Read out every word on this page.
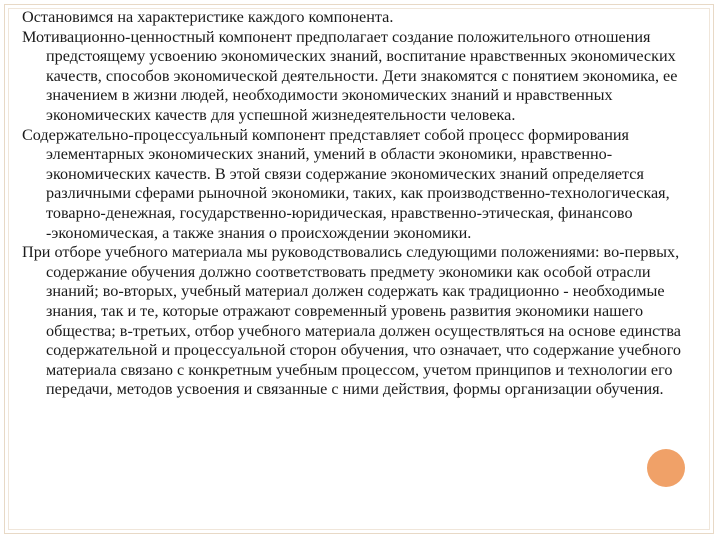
Остановимся на характеристике каждого компонента.

Мотивационно-ценностный компонент предполагает создание положительного отношения предстоящему усвоению экономических знаний, воспитание нравственных экономических качеств, способов экономической деятельности. Дети знакомятся с понятием экономика, ее значением в жизни людей, необходимости экономических знаний и нравственных экономических качеств для успешной жизнедеятельности человека.

Содержательно-процессуальный компонент представляет собой процесс формирования элементарных экономических знаний, умений в области экономики, нравственно-экономических качеств. В этой связи содержание экономических знаний определяется различными сферами рыночной экономики, таких, как производственно-технологическая, товарно-денежная, государственно-юридическая, нравственно-этическая, финансово -экономическая, а также знания о происхождении экономики.

При отборе учебного материала мы руководствовались следующими положениями: во-первых, содержание обучения должно соответствовать предмету экономики как особой отрасли знаний; во-вторых, учебный материал должен содержать как традиционно - необходимые знания, так и те, которые отражают современный уровень развития экономики нашего общества; в-третьих, отбор учебного материала должен осуществляться на основе единства содержательной и процессуальной сторон обучения, что означает, что содержание учебного материала связано с конкретным учебным процессом, учетом принципов и технологии его передачи, методов усвоения и связанные с ними действия, формы организации обучения.
